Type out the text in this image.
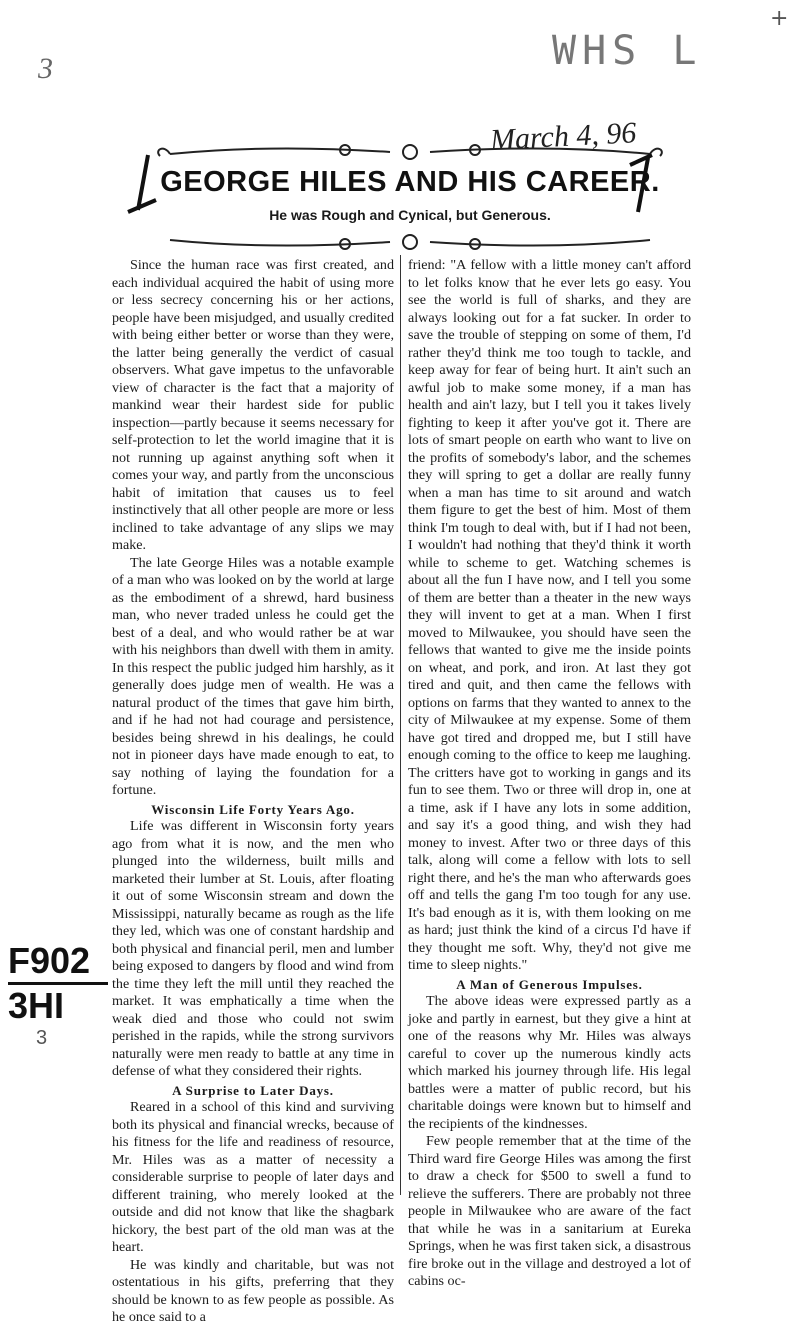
+
WHS L
3
March 4, 96
GEORGE HILES AND HIS CAREER.
He was Rough and Cynical, but Generous.

Since the human race was first created, and each individual acquired the habit of using more or less secrecy concerning his or her actions, people have been misjudged, and usually credited with being either better or worse than they were, the latter being generally the verdict of casual observers. What gave impetus to the unfavorable view of character is the fact that a majority of mankind wear their hardest side for public inspection—partly because it seems necessary for self-protection to let the world imagine that it is not running up against anything soft when it comes your way, and partly from the unconscious habit of imitation that causes us to feel instinctively that all other people are more or less inclined to take advantage of any slips we may make.

The late George Hiles was a notable example of a man who was looked on by the world at large as the embodiment of a shrewd, hard business man, who never traded unless he could get the best of a deal, and who would rather be at war with his neighbors than dwell with them in amity. In this respect the public judged him harshly, as it generally does judge men of wealth. He was a natural product of the times that gave him birth, and if he had not had courage and persistence, besides being shrewd in his dealings, he could not in pioneer days have made enough to eat, to say nothing of laying the foundation for a fortune.

Wisconsin Life Forty Years Ago.

Life was different in Wisconsin forty years ago from what it is now, and the men who plunged into the wilderness, built mills and marketed their lumber at St. Louis, after floating it out of some Wisconsin stream and down the Mississippi, naturally became as rough as the life they led, which was one of constant hardship and both physical and financial peril, men and lumber being exposed to dangers by flood and wind from the time they left the mill until they reached the market. It was emphatically a time when the weak died and those who could not swim perished in the rapids, while the strong survivors naturally were men ready to battle at any time in defense of what they considered their rights.

A Surprise to Later Days.

Reared in a school of this kind and surviving both its physical and financial wrecks, because of his fitness for the life and readiness of resource, Mr. Hiles was as a matter of necessity a considerable surprise to people of later days and different training, who merely looked at the outside and did not know that like the shagbark hickory, the best part of the old man was at the heart.

He was kindly and charitable, but was not ostentatious in his gifts, preferring that they should be known to as few people as possible. As he once said to a

friend: "A fellow with a little money can't afford to let folks know that he ever lets go easy. You see the world is full of sharks, and they are always looking out for a fat sucker. In order to save the trouble of stepping on some of them, I'd rather they'd think me too tough to tackle, and keep away for fear of being hurt. It ain't such an awful job to make some money, if a man has health and ain't lazy, but I tell you it takes lively fighting to keep it after you've got it. There are lots of smart people on earth who want to live on the profits of somebody's labor, and the schemes they will spring to get a dollar are really funny when a man has time to sit around and watch them figure to get the best of him. Most of them think I'm tough to deal with, but if I had not been, I wouldn't had nothing that they'd think it worth while to scheme to get. Watching schemes is about all the fun I have now, and I tell you some of them are better than a theater in the new ways they will invent to get at a man. When I first moved to Milwaukee, you should have seen the fellows that wanted to give me the inside points on wheat, and pork, and iron. At last they got tired and quit, and then came the fellows with options on farms that they wanted to annex to the city of Milwaukee at my expense. Some of them have got tired and dropped me, but I still have enough coming to the office to keep me laughing. The critters have got to working in gangs and its fun to see them. Two or three will drop in, one at a time, ask if I have any lots in some addition, and say it's a good thing, and wish they had money to invest. After two or three days of this talk, along will come a fellow with lots to sell right there, and he's the man who afterwards goes off and tells the gang I'm too tough for any use. It's bad enough as it is, with them looking on me as hard; just think the kind of a circus I'd have if they thought me soft. Why, they'd not give me time to sleep nights."

A Man of Generous Impulses.

The above ideas were expressed partly as a joke and partly in earnest, but they give a hint at one of the reasons why Mr. Hiles was always careful to cover up the numerous kindly acts which marked his journey through life. His legal battles were a matter of public record, but his charitable doings were known but to himself and the recipients of the kindnesses.

Few people remember that at the time of the Third ward fire George Hiles was among the first to draw a check for $500 to swell a fund to relieve the sufferers. There are probably not three people in Milwaukee who are aware of the fact that while he was in a sanitarium at Eureka Springs, when he was first taken sick, a disastrous fire broke out in the village and destroyed a lot of cabins oc-

F902
3HI
3
